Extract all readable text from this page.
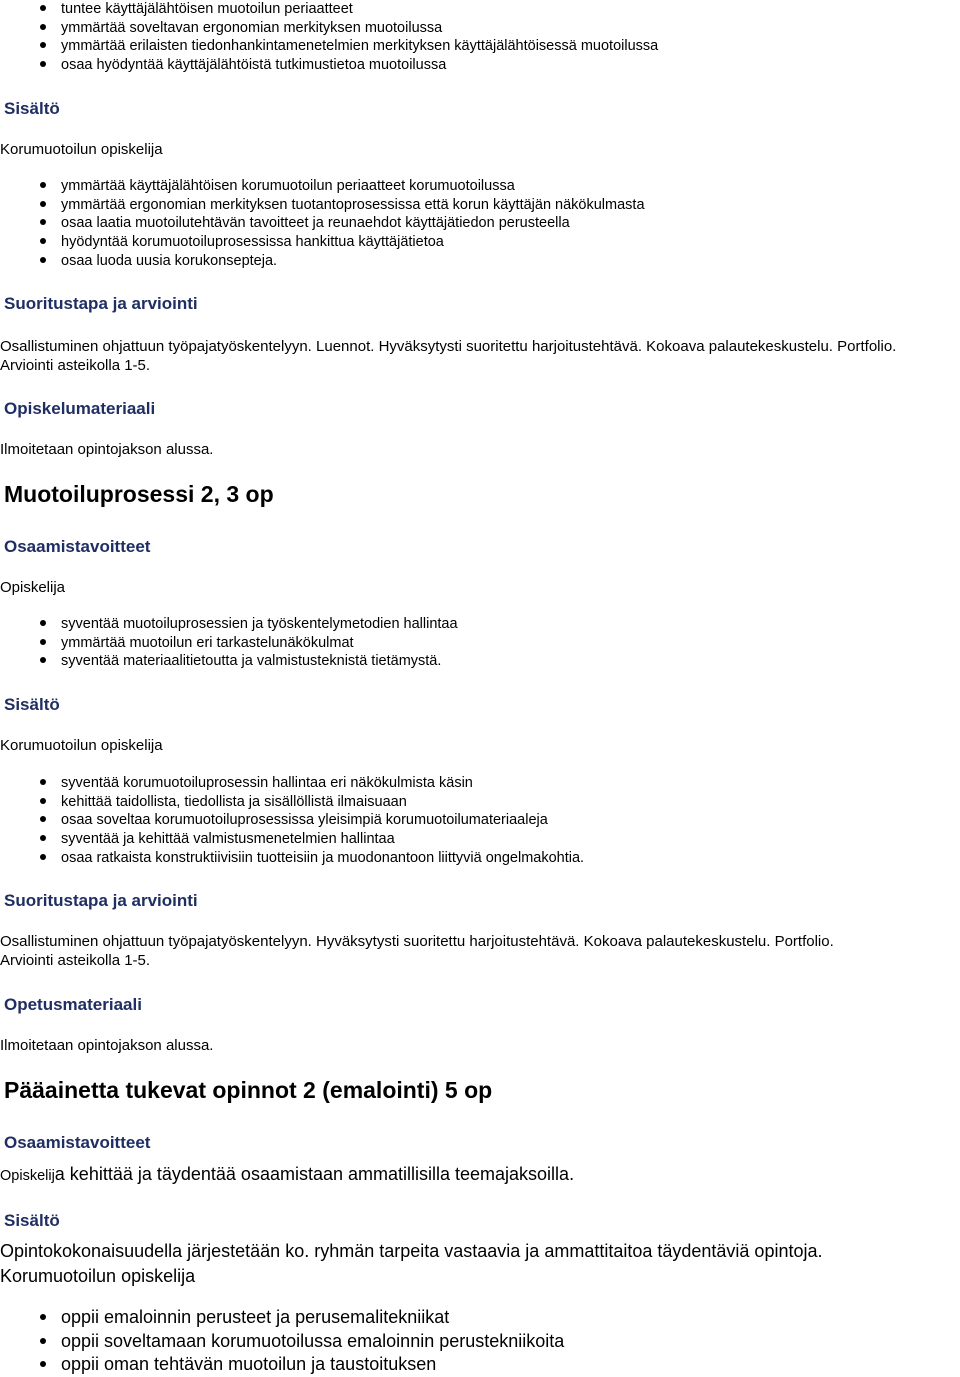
tuntee käyttäjälähtöisen muotoilun periaatteet
ymmärtää soveltavan ergonomian merkityksen muotoilussa
ymmärtää erilaisten tiedonhankintamenetelmien merkityksen käyttäjälähtöisessä muotoilussa
osaa hyödyntää käyttäjälähtöistä tutkimustietoa muotoilussa
Sisältö
Korumuotoilun opiskelija
ymmärtää käyttäjälähtöisen korumuotoilun periaatteet korumuotoilussa
ymmärtää ergonomian merkityksen tuotantoprosessissa että korun käyttäjän näkökulmasta
osaa laatia muotoilutehtävän tavoitteet ja reunaehdot käyttäjätiedon perusteella
hyödyntää korumuotoiluprosessissa hankittua käyttäjätietoa
osaa luoda uusia korukonsepteja.
Suoritustapa ja arviointi
Osallistuminen ohjattuun työpajatyöskentelyyn. Luennot. Hyväksytysti suoritettu harjoitustehtävä. Kokoava palautekeskustelu. Portfolio.
Arviointi asteikolla 1-5.
Opiskelumateriaali
Ilmoitetaan opintojakson alussa.
Muotoiluprosessi 2, 3 op
Osaamistavoitteet
Opiskelija
syventää muotoiluprosessien ja työskentelymetodien hallintaa
ymmärtää muotoilun eri tarkastelunäkökulmat
syventää materiaalitietoutta ja valmistusteknistä tietämystä.
Sisältö
Korumuotoilun opiskelija
syventää korumuotoiluprosessin hallintaa eri näkökulmista käsin
kehittää taidollista, tiedollista ja sisällöllistä ilmaisuaan
osaa soveltaa korumuotoiluprosessissa yleisimpiä korumuotoilumateriaaleja
syventää ja kehittää valmistusmenetelmien hallintaa
osaa ratkaista konstruktiivisiin tuotteisiin ja muodonantoon liittyviä ongelmakohtia.
Suoritustapa ja arviointi
Osallistuminen ohjattuun työpajatyöskentelyyn. Hyväksytysti suoritettu harjoitustehtävä. Kokoava palautekeskustelu. Portfolio.
Arviointi asteikolla 1-5.
Opetusmateriaali
Ilmoitetaan opintojakson alussa.
Pääainetta tukevat opinnot 2 (emalointi) 5 op
Osaamistavoitteet
Opiskelija kehittää ja täydentää osaamistaan ammatillisilla teemajaksoilla.
Sisältö
Opintokokonaisuudella järjestetään ko. ryhmän tarpeita vastaavia ja ammattitaitoa täydentäviä opintoja.
Korumuotoilun opiskelija
oppii emaloinnin perusteet ja perusemalitekniikat
oppii soveltamaan korumuotoilussa emaloinnin perustekniikoita
oppii oman tehtävän muotoilun ja taustoituksen
